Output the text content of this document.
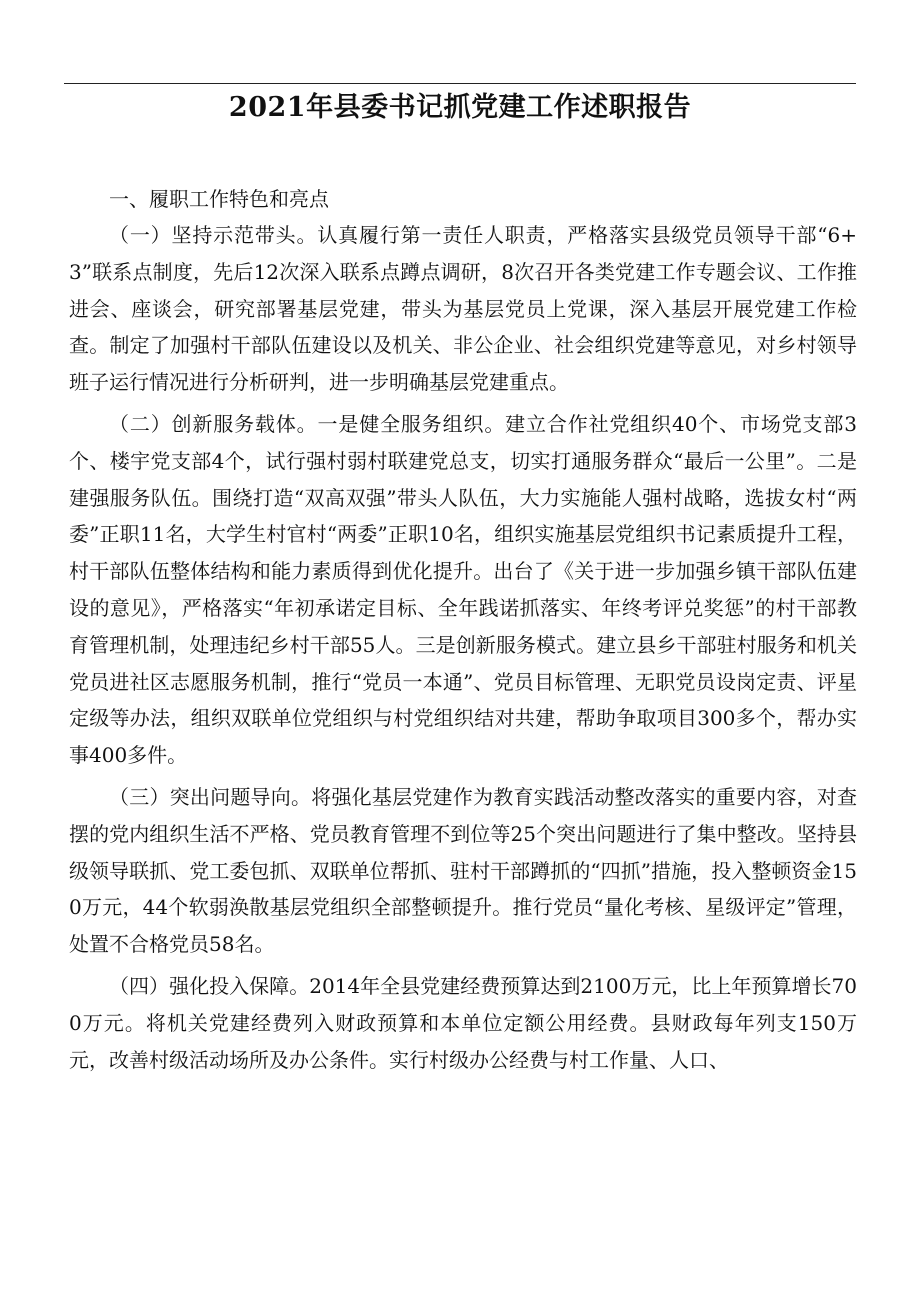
2021年县委书记抓党建工作述职报告

一、履职工作特色和亮点

（一）坚持示范带头。认真履行第一责任人职责，严格落实县级党员领导干部“6+3”联系点制度，先后12次深入联系点蹲点调研，8次召开各类党建工作专题会议、工作推进会、座谈会，研究部署基层党建，带头为基层党员上党课，深入基层开展党建工作检查。制定了加强村干部队伍建设以及机关、非公企业、社会组织党建等意见，对乡村领导班子运行情况进行分析研判，进一步明确基层党建重点。

（二）创新服务载体。一是健全服务组织。建立合作社党组织40个、市场党支部3个、楼宇党支部4个，试行强村弱村联建党总支，切实打通服务群众“最后一公里”。二是建强服务队伍。围绕打造“双高双强”带头人队伍，大力实施能人强村战略，选拔女村“两委”正职11名，大学生村官村“两委”正职10名，组织实施基层党组织书记素质提升工程，村干部队伍整体结构和能力素质得到优化提升。出台了《关于进一步加强乡镇干部队伍建设的意见》，严格落实“年初承诺定目标、全年践诺抓落实、年终考评兑奖惩”的村干部教育管理机制，处理违纪乡村干部55人。三是创新服务模式。建立县乡干部驻村服务和机关党员进社区志愿服务机制，推行“党员一本通”、党员目标管理、无职党员设岗定责、评星定级等办法，组织双联单位党组织与村党组织结对共建，帮助争取项目300多个，帮办实事400多件。

（三）突出问题导向。将强化基层党建作为教育实践活动整改落实的重要内容，对查摆的党内组织生活不严格、党员教育管理不到位等25个突出问题进行了集中整改。坚持县级领导联抓、党工委包抓、双联单位帮抓、驻村干部蹲抓的“四抓”措施，投入整顿资金150万元，44个软弱涣散基层党组织全部整顿提升。推行党员“量化考核、星级评定”管理，处置不合格党员58名。

（四）强化投入保障。2014年全县党建经费预算达到2100万元，比上年预算增长700万元。将机关党建经费列入财政预算和本单位定额公用经费。县财政每年列支150万元，改善村级活动场所及办公条件。实行村级办公经费与村工作量、人口、
